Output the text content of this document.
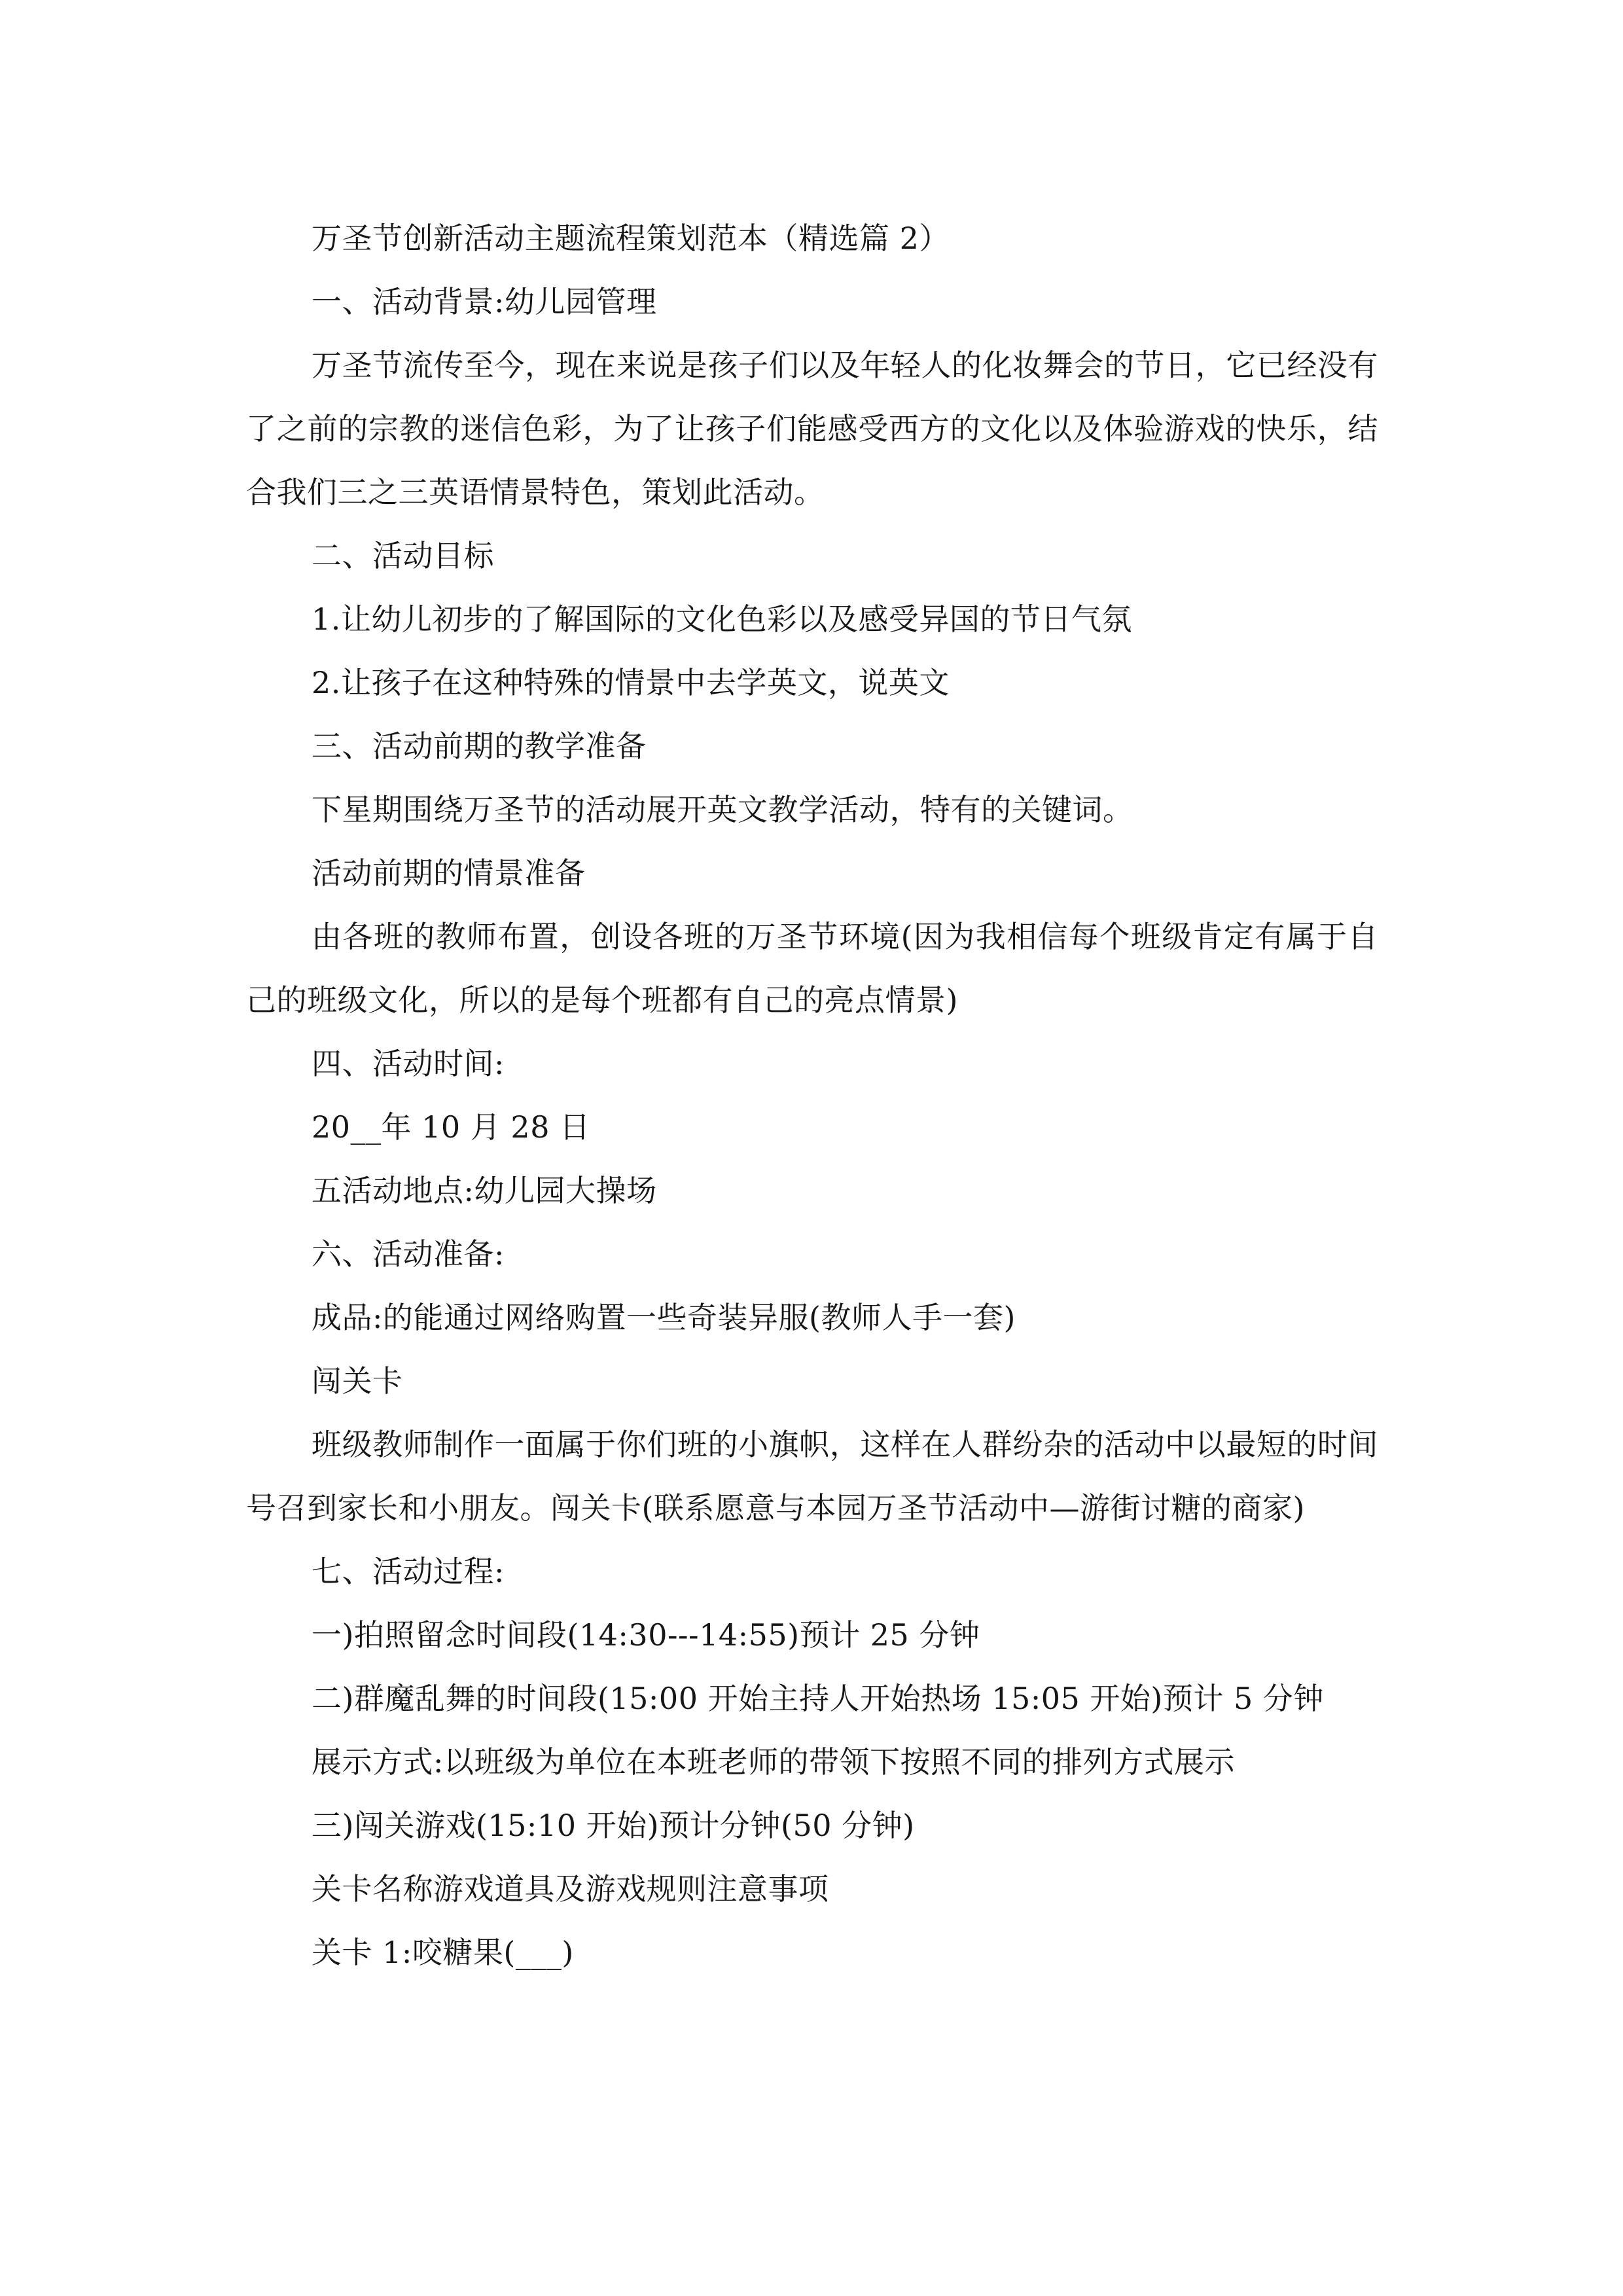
万圣节创新活动主题流程策划范本（精选篇 2）

一、活动背景:幼儿园管理

万圣节流传至今，现在来说是孩子们以及年轻人的化妆舞会的节日，它已经没有了之前的宗教的迷信色彩，为了让孩子们能感受西方的文化以及体验游戏的快乐，结合我们三之三英语情景特色，策划此活动。

二、活动目标

1.让幼儿初步的了解国际的文化色彩以及感受异国的节日气氛

2.让孩子在这种特殊的情景中去学英文，说英文

三、活动前期的教学准备

下星期围绕万圣节的活动展开英文教学活动，特有的关键词。

活动前期的情景准备

由各班的教师布置，创设各班的万圣节环境(因为我相信每个班级肯定有属于自己的班级文化，所以的是每个班都有自己的亮点情景)

四、活动时间:

20__年 10 月 28 日

五活动地点:幼儿园大操场

六、活动准备:

成品:的能通过网络购置一些奇装异服(教师人手一套)

闯关卡

班级教师制作一面属于你们班的小旗帜，这样在人群纷杂的活动中以最短的时间号召到家长和小朋友。闯关卡(联系愿意与本园万圣节活动中—游街讨糖的商家)

七、活动过程:

一)拍照留念时间段(14:30---14:55)预计 25 分钟

二)群魔乱舞的时间段(15:00 开始主持人开始热场 15:05 开始)预计 5 分钟

展示方式:以班级为单位在本班老师的带领下按照不同的排列方式展示

三)闯关游戏(15:10 开始)预计分钟(50 分钟)

关卡名称游戏道具及游戏规则注意事项

关卡 1:咬糖果(___)
